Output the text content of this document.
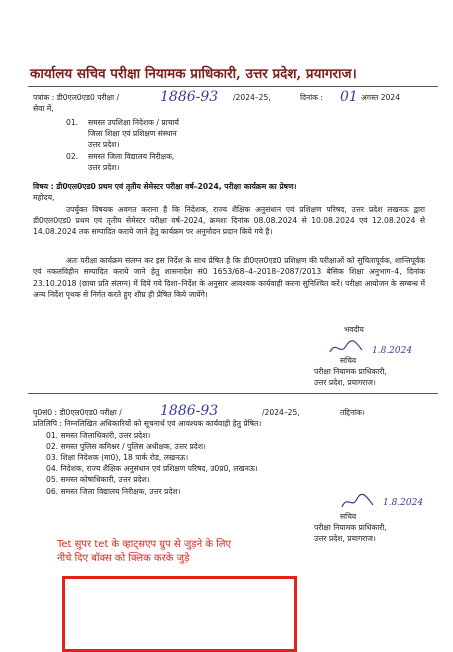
कार्यालय सचिव परीक्षा नियामक प्राधिकारी, उत्तर प्रदेश, प्रयागराज।
पत्रांक : डी0एल0एड0 परीक्षा /	1886-93 /2024–25,	दिनांक : 01 अगस्त 2024
सेवा में,
01. समस्त उपशिक्षा निदेशक / प्राचार्य
जिला शिक्षा एवं प्रशिक्षण संस्थान
उत्तर प्रदेश।
02. समस्त जिला विद्यालय निरीक्षक,
उत्तर प्रदेश।
विषय : डी0एल0एड0 प्रथम एवं तृतीय सेमेस्टर परीक्षा वर्ष–2024, परीक्षा कार्यक्रम का प्रेषण।
महोदय,
उपर्युक्त विषयक अवगत कराना है कि निदेशक, राज्य शैक्षिक अनुसंधान एवं प्रशिक्षण परिषद, उत्तर प्रदेश लखनऊ द्वारा डी0एल0एड0 प्रथम एवं तृतीय सेमेस्टर परीक्षा वर्ष–2024, क्रमशः दिनांक 08.08.2024 से 10.08.2024 एवं 12.08.2024 से 14.08.2024 तक सम्पादित कराये जाने हेतु कार्यक्रम पर अनुमोदन प्रदान किये गये है।
अतः परीक्षा कार्यक्रम संलग्न कर इस निर्देश के साथ प्रेषित है कि डी0एल0एड0 प्रशिक्षण की परीक्षाओं को सुचितापूर्वक, शान्तिपूर्वक एवं नकलविहीन सम्पादित कराये जाने हेतु शासनादेश सं0 1653/68–4–2018–2087/2013 बेसिक शिक्षा अनुभाग–4, दिनांक 23.10.2018 (छाया प्रति संलग्न) में दिये गये दिशा–निर्देश के अनुसार आवश्यक कार्यवाही करना सुनिश्चित करें। परीक्षा आयोजन के सम्बन्ध में अन्य निर्देश पृथक से निर्गत करते हुए शीघ्र ही प्रेषित किये जायेंगे।
भवदीय
1.8.2024
सचिव
परीक्षा नियामक प्राधिकारी,
उत्तर प्रदेश, प्रयागराज।
पृ0सं0 : डी0एल0एड0 परीक्षा /	1886-93	/2024–25,	तद्दिनांक।
प्रतिलिपि : निम्नलिखित अधिकारियों को सूचनार्थ एवं आवश्यक कार्यवाही हेतु प्रेषित।
01. समस्त जिलाधिकारी, उत्तर प्रदेश।
02. समस्त पुलिस कमिश्नर / पुलिस अधीक्षक, उत्तर प्रदेश।
03. शिक्षा निदेशक (मा0), 18 पार्क रोड, लखनऊ।
04. निदेशक, राज्य शैक्षिक अनुसंधान एवं प्रशिक्षण परिषद, उ0प्र0, लखनऊ।
05. समस्त कोषाधिकारी, उत्तर प्रदेश।
06. समस्त जिला विद्यालय निरीक्षक, उत्तर प्रदेश।
1.8.2024
सचिव
परीक्षा नियामक प्राधिकारी,
उत्तर प्रदेश, प्रयागराज।
Tet सुपर tet के व्हाट्सएप ग्रुप से जुड़ने के लिए
नीचे दिए बॉक्स को क्लिक करके जुड़े
